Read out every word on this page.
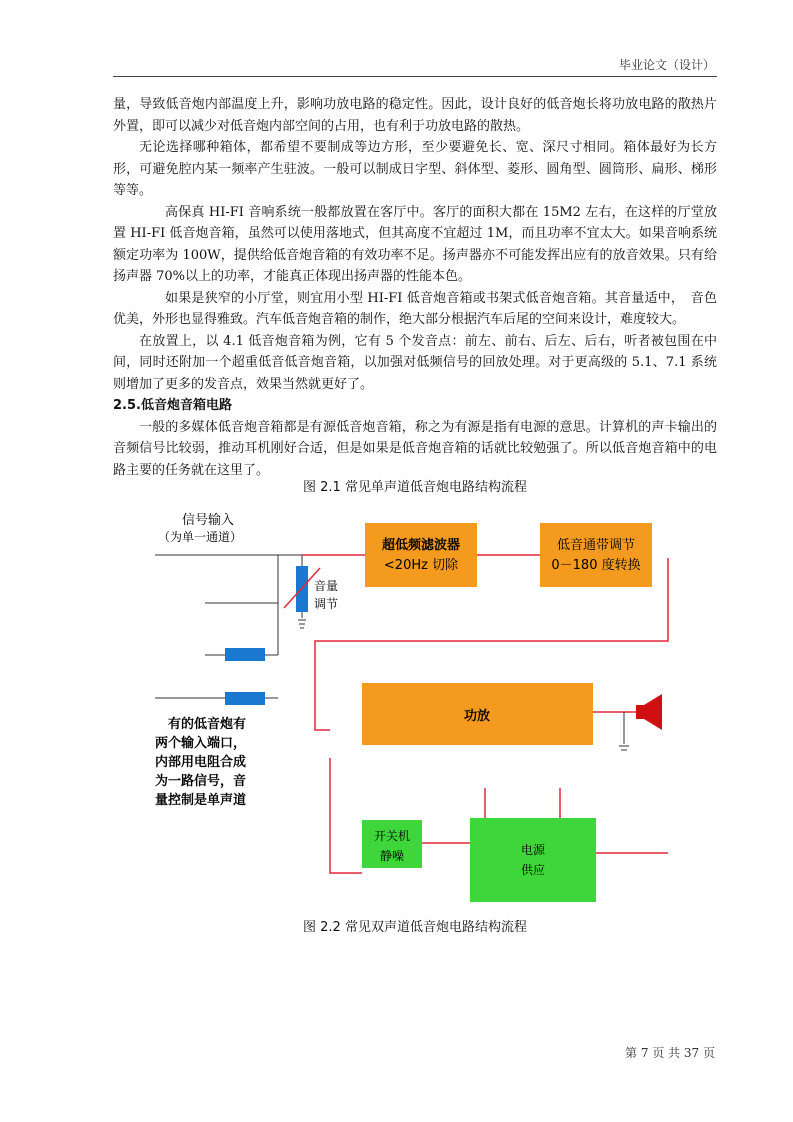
毕业论文（设计）

量，导致低音炮内部温度上升，影响功放电路的稳定性。因此，设计良好的低音炮长将功放电路的散热片外置，即可以减少对低音炮内部空间的占用，也有利于功放电路的散热。

无论选择哪种箱体，都希望不要制成等边方形，至少要避免长、宽、深尺寸相同。箱体最好为长方形，可避免腔内某一频率产生驻波。一般可以制成日字型、斜体型、菱形、圆角型、圆筒形、扁形、梯形等等。

高保真 HI-FI 音响系统一般都放置在客厅中。客厅的面积大都在 15M2 左右，在这样的厅堂放置 HI-FI 低音炮音箱，虽然可以使用落地式，但其高度不宜超过 1M，而且功率不宜太大。如果音响系统额定功率为 100W，提供给低音炮音箱的有效功率不足。扬声器亦不可能发挥出应有的放音效果。只有给扬声器 70%以上的功率，才能真正体现出扬声器的性能本色。

如果是狭窄的小厅堂，则宜用小型 HI-FI 低音炮音箱或书架式低音炮音箱。其音量适中，　音色优美，外形也显得雅致。汽车低音炮音箱的制作，绝大部分根据汽车后尾的空间来设计，难度较大。

在放置上，以 4.1 低音炮音箱为例，它有 5 个发音点：前左、前右、后左、后右，听者被包围在中间，同时还附加一个超重低音低音炮音箱，以加强对低频信号的回放处理。对于更高级的 5.1、7.1 系统则增加了更多的发音点，效果当然就更好了。

2.5.低音炮音箱电路

一般的多媒体低音炮音箱都是有源低音炮音箱，称之为有源是指有电源的意思。计算机的声卡输出的音频信号比较弱，推动耳机刚好合适，但是如果是低音炮音箱的话就比较勉强了。所以低音炮音箱中的电路主要的任务就在这里了。

图 2.1 常见单声道低音炮电路结构流程
信号输入
（为单一通道）
音量
调节
超低频滤波器
<20Hz 切除
低音通带调节
0－180 度转换
功放
有的低音炮有
两个输入端口，
内部用电阻合成
为一路信号，音
量控制是单声道
开关机
静噪	电源
供应
图 2.2 常见双声道低音炮电路结构流程
第 7 页 共 37 页
